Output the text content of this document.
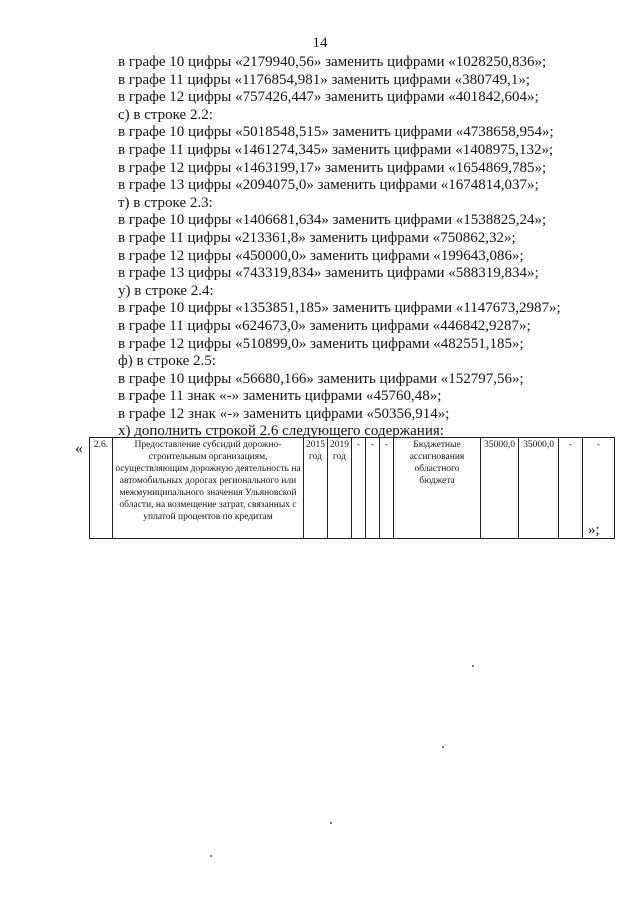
14
в графе 10 цифры «2179940,56» заменить цифрами «1028250,836»;
в графе 11 цифры «1176854,981» заменить цифрами «380749,1»;
в графе 12 цифры «757426,447» заменить цифрами «401842,604»;
с) в строке 2.2:
в графе 10 цифры «5018548,515» заменить цифрами «4738658,954»;
в графе 11 цифры «1461274,345» заменить цифрами «1408975,132»;
в графе 12 цифры «1463199,17» заменить цифрами «1654869,785»;
в графе 13 цифры «2094075,0» заменить цифрами «1674814,037»;
т) в строке 2.3:
в графе 10 цифры «1406681,634» заменить цифрами «1538825,24»;
в графе 11 цифры «213361,8» заменить цифрами «750862,32»;
в графе 12 цифры «450000,0» заменить цифрами «199643,086»;
в графе 13 цифры «743319,834» заменить цифрами «588319,834»;
у) в строке 2.4:
в графе 10 цифры «1353851,185» заменить цифрами «1147673,2987»;
в графе 11 цифры «624673,0» заменить цифрами «446842,9287»;
в графе 12 цифры «510899,0» заменить цифрами «482551,185»;
ф) в строке 2.5:
в графе 10 цифры «56680,166» заменить цифрами «152797,56»;
в графе 11 знак «-» заменить цифрами «45760,48»;
в графе 12 знак «-» заменить цифрами «50356,914»;
х) дополнить строкой 2.6 следующего содержания:
« 2.6.	Предоставление субсидий дорожно-строительным организациям, осуществляющим дорожную деятельность на автомобильных дорогах регионального или межмуниципального значения Ульяновской области, на возмещение затрат, связанных с уплатой процентов по кредитам	2015 год	2019 год	-	-	-	Бюджетные ассигнования областного бюджета	35000,0	35000,0	-	-
»;
